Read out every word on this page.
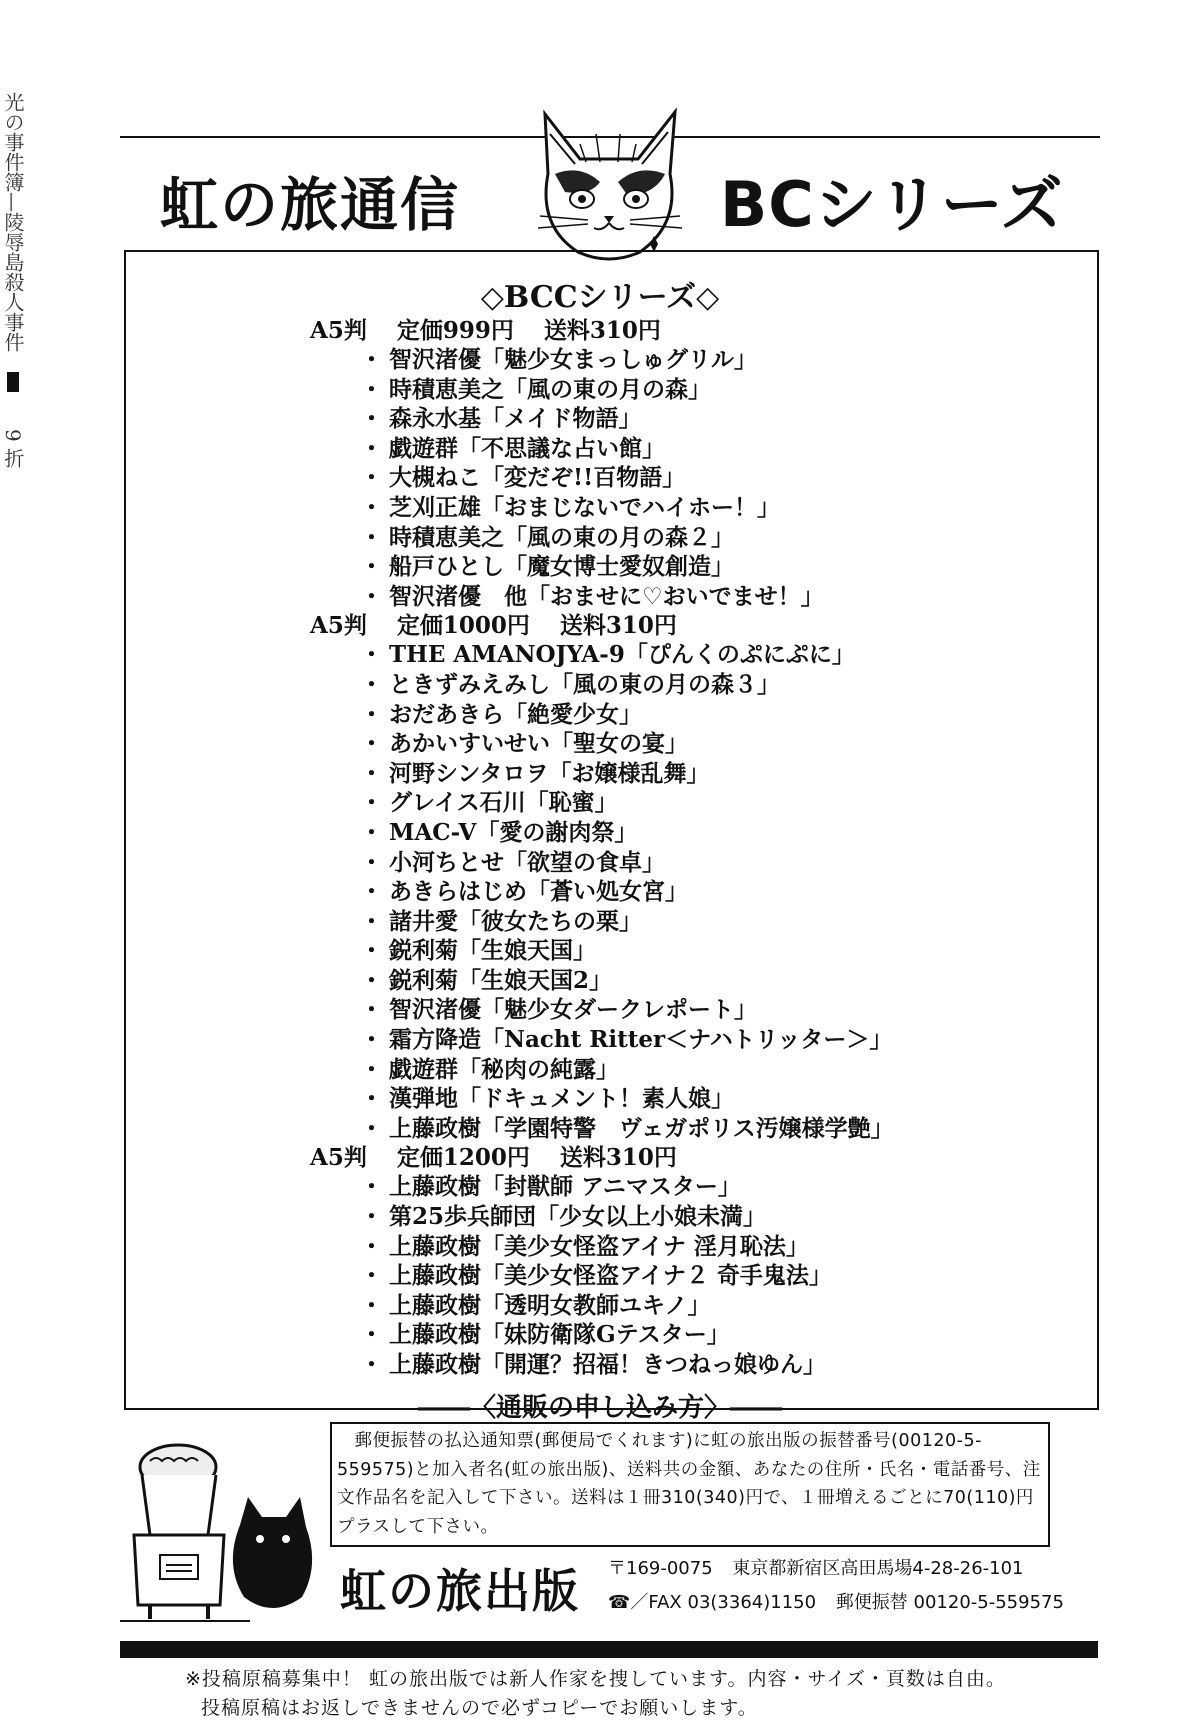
光の事件簿—陵辱島殺人事件  9 折
虹の旅通信	BCシリーズ
◇BCCシリーズ◇
A5判 定価999円 送料310円
・ 智沢渚優「魅少女まっしゅグリル」
・ 時積恵美之「風の東の月の森」
・ 森永水基「メイド物語」
・ 戯遊群「不思議な占い館」
・ 大槻ねこ「変だぞ!!百物語」
・ 芝刈正雄「おまじないでハイホー！」
・ 時積恵美之「風の東の月の森２」
・ 船戸ひとし「魔女博士愛奴創造」
・ 智沢渚優　他「おませに♡おいでませ！」
A5判 定価1000円 送料310円
・ THE AMANOJYA-9「ぴんくのぷにぷに」
・ ときずみえみし「風の東の月の森３」
・ おだあきら「絶愛少女」
・ あかいすいせい「聖女の宴」
・ 河野シンタロヲ「お嬢様乱舞」
・ グレイス石川「恥蜜」
・ MAC-V「愛の謝肉祭」
・ 小河ちとせ「欲望の食卓」
・ あきらはじめ「蒼い処女宮」
・ 諸井愛「彼女たちの栗」
・ 鋭利菊「生娘天国」
・ 鋭利菊「生娘天国2」
・ 智沢渚優「魅少女ダークレポート」
・ 霜方降造「Nacht Ritter＜ナハトリッター＞」
・ 戯遊群「秘肉の純露」
・ 漢弾地「ドキュメント！素人娘」
・ 上藤政樹「学園特警　ヴェガポリス汚嬢様学艶」
A5判 定価1200円 送料310円
・ 上藤政樹「封獣師 アニマスター」
・ 第25歩兵師団「少女以上小娘未満」
・ 上藤政樹「美少女怪盗アイナ 淫月恥法」
・ 上藤政樹「美少女怪盗アイナ２ 奇手鬼法」
・ 上藤政樹「透明女教師ユキノ」
・ 上藤政樹「妹防衛隊Gテスター」
・ 上藤政樹「開運？招福！きつねっ娘ゆん」
――〈通販の申し込み方〉――
郵便振替の払込通知票(郵便局でくれます)に虹の旅出版の振替番号(00120-5-559575)と加入者名(虹の旅出版)、送料共の金額、あなたの住所・氏名・電話番号、注文作品名を記入して下さい。送料は１冊310(340)円で、１冊増えるごとに70(110)円プラスして下さい。
虹の旅出版 〒169-0075 東京都新宿区高田馬場4-28-26-101
☎／FAX 03(3364)1150 郵便振替 00120-5-559575
※投稿原稿募集中！ 虹の旅出版では新人作家を捜しています。内容・サイズ・頁数は自由。
投稿原稿はお返しできませんので必ずコピーでお願いします。
